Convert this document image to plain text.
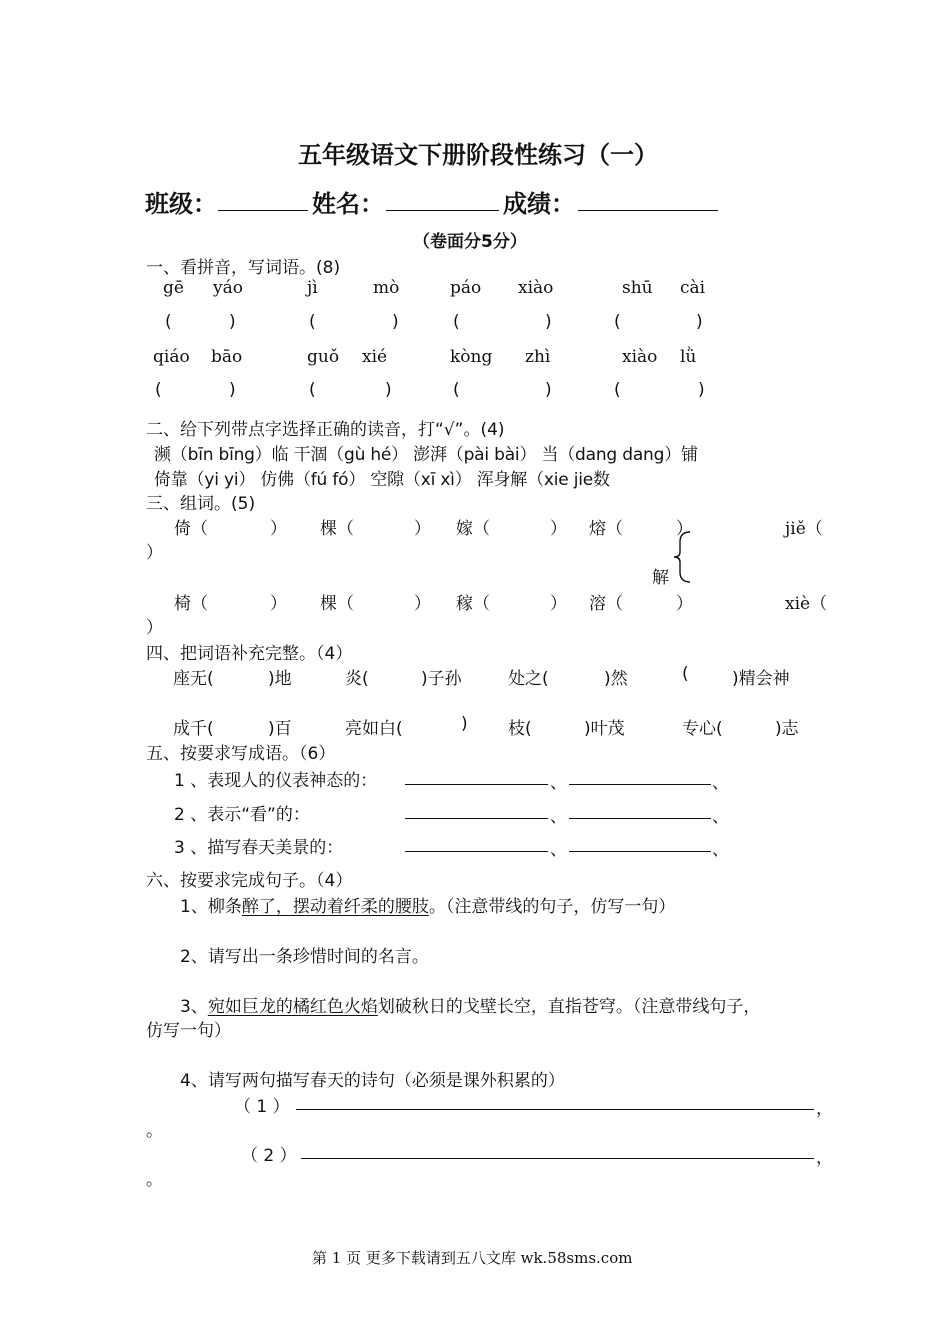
五年级语文下册阶段性练习（一）
班级：	姓名：	成绩：
（卷面分5分）
一、看拼音，写词语。(8)
gē yáo	jì	mò	páo xiào	shū cài
(	)	(	)	(	)	(	)
qiáo bāo	guǒ xié	kòng zhì	xiào lǜ
(	)	(	)	(	)	(	)
二、给下列带点字选择正确的读音，打“√”。(4)
濒（bīn bīng）临 干涸（gù hé） 澎湃（pài bài） 当（dang dang）铺
倚靠（yi yi） 仿佛（fú fó） 空隙（xī xì） 浑身解（xie jie数
三、组词。(5)
倚（	） 棵（	） 嫁（	） 熔（	）	jiě（
）
解
椅（	） 棵（	） 稼（	） 溶（	）	xiè（
）
四、把词语补充完整。（4）
座无(	)地	炎(	)子孙	处之(	)然	(	)精会神
成千(	)百	亮如白(	) 枝(	)叶茂	专心(	)志
五、按要求写成语。（6）
1 、表现人的仪表神态的：	、	、
2 、表示“看”的：	、	、
3 、描写春天美景的：	、	、
六、按要求完成句子。（4）
1、柳条醉了，摆动着纤柔的腰肢。（注意带线的句子，仿写一句）
2、请写出一条珍惜时间的名言。
3、宛如巨龙的橘红色火焰划破秋日的戈壁长空，直指苍穹。（注意带线句子，
仿写一句）
4、请写两句描写春天的诗句（必须是课外积累的）
（ 1 ）	，
。
（ 2 ）	，
。
第 1 页 更多下载请到五八文库 wk.58sms.com
